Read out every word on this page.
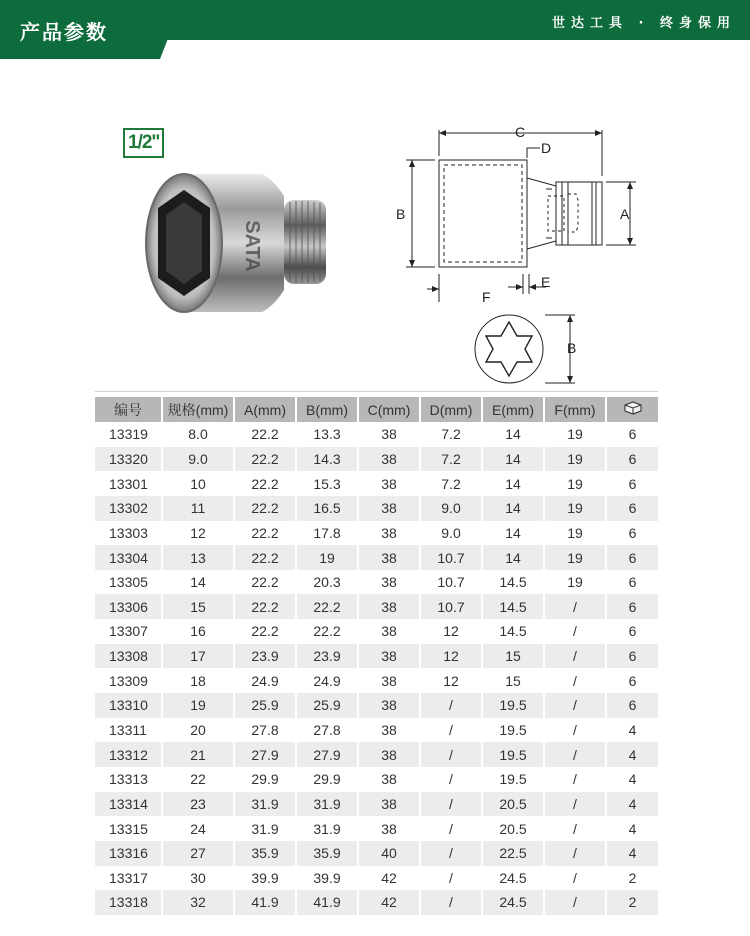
产品参数	世达工具 · 终身保用
1/2"
SATA
C
D
B	A
E
F
B
编号	规格(mm)	A(mm)	B(mm)	C(mm)	D(mm)	E(mm)	F(mm)	
13319	8.0	22.2	13.3	38	7.2	14	19	6
13320	9.0	22.2	14.3	38	7.2	14	19	6
13301	10	22.2	15.3	38	7.2	14	19	6
13302	11	22.2	16.5	38	9.0	14	19	6
13303	12	22.2	17.8	38	9.0	14	19	6
13304	13	22.2	19	38	10.7	14	19	6
13305	14	22.2	20.3	38	10.7	14.5	19	6
13306	15	22.2	22.2	38	10.7	14.5	/	6
13307	16	22.2	22.2	38	12	14.5	/	6
13308	17	23.9	23.9	38	12	15	/	6
13309	18	24.9	24.9	38	12	15	/	6
13310	19	25.9	25.9	38	/	19.5	/	6
13311	20	27.8	27.8	38	/	19.5	/	4
13312	21	27.9	27.9	38	/	19.5	/	4
13313	22	29.9	29.9	38	/	19.5	/	4
13314	23	31.9	31.9	38	/	20.5	/	4
13315	24	31.9	31.9	38	/	20.5	/	4
13316	27	35.9	35.9	40	/	22.5	/	4
13317	30	39.9	39.9	42	/	24.5	/	2
13318	32	41.9	41.9	42	/	24.5	/	2
